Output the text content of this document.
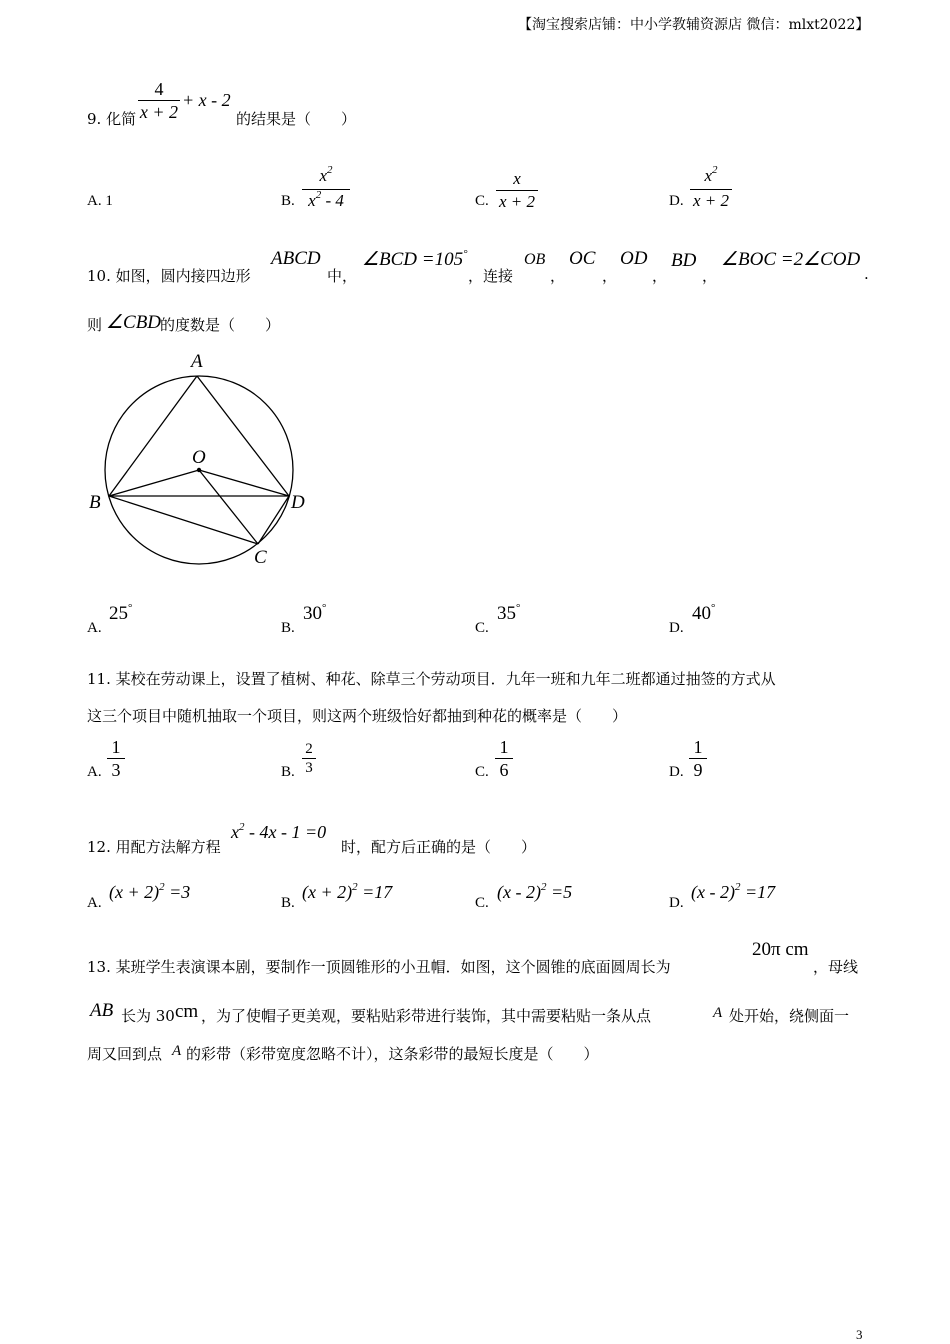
【淘宝搜索店铺：中小学教辅资源店 微信：mlxt2022】
9. 化简
4
x + 2
+ x - 2
的结果是（　　）
A. 1	B.
$x^2$
$x^2 - 4$	C.
x
x + 2	D.
$x^2$
x + 2
10. 如图，圆内接四边形
ABCD
中，
∠BCD =105°
，连接
OB
，
OC
，
OD
，
BD
，
∠BOC =2∠COD
.
则 ∠CBD
的度数是（　　）
A
B
C
D
O
A.
25°
B.
30°
C.
35°
D.
40°
11. 某校在劳动课上，设置了植树、种花、除草三个劳动项目．九年一班和九年二班都通过抽签的方式从
这三个项目中随机抽取一个项目，则这两个班级恰好都抽到种花的概率是（　　）
A.
1
3	B.
2
3	C.
1
6	D.
1
9
12. 用配方法解方程
$x^2 - 4x - 1 =0$
时，配方后正确的是（　　）
A.
$(x + 2)^2 =3$
B.
$(x + 2)^2 =17$
C.
(x - 2)$^2$ =5
D.
(x - 2)$^2$ =17
13. 某班学生表演课本剧，要制作一顶圆锥形的小丑帽．如图，这个圆锥的底面圆周长为
20π cm
，母线
AB 长为 30 cm ，为了使帽子更美观，要粘贴彩带进行装饰，其中需要粘贴一条从点	A 处开始，绕侧面一
周又回到点 A 的彩带（彩带宽度忽略不计），这条彩带的最短长度是（　　）
3
